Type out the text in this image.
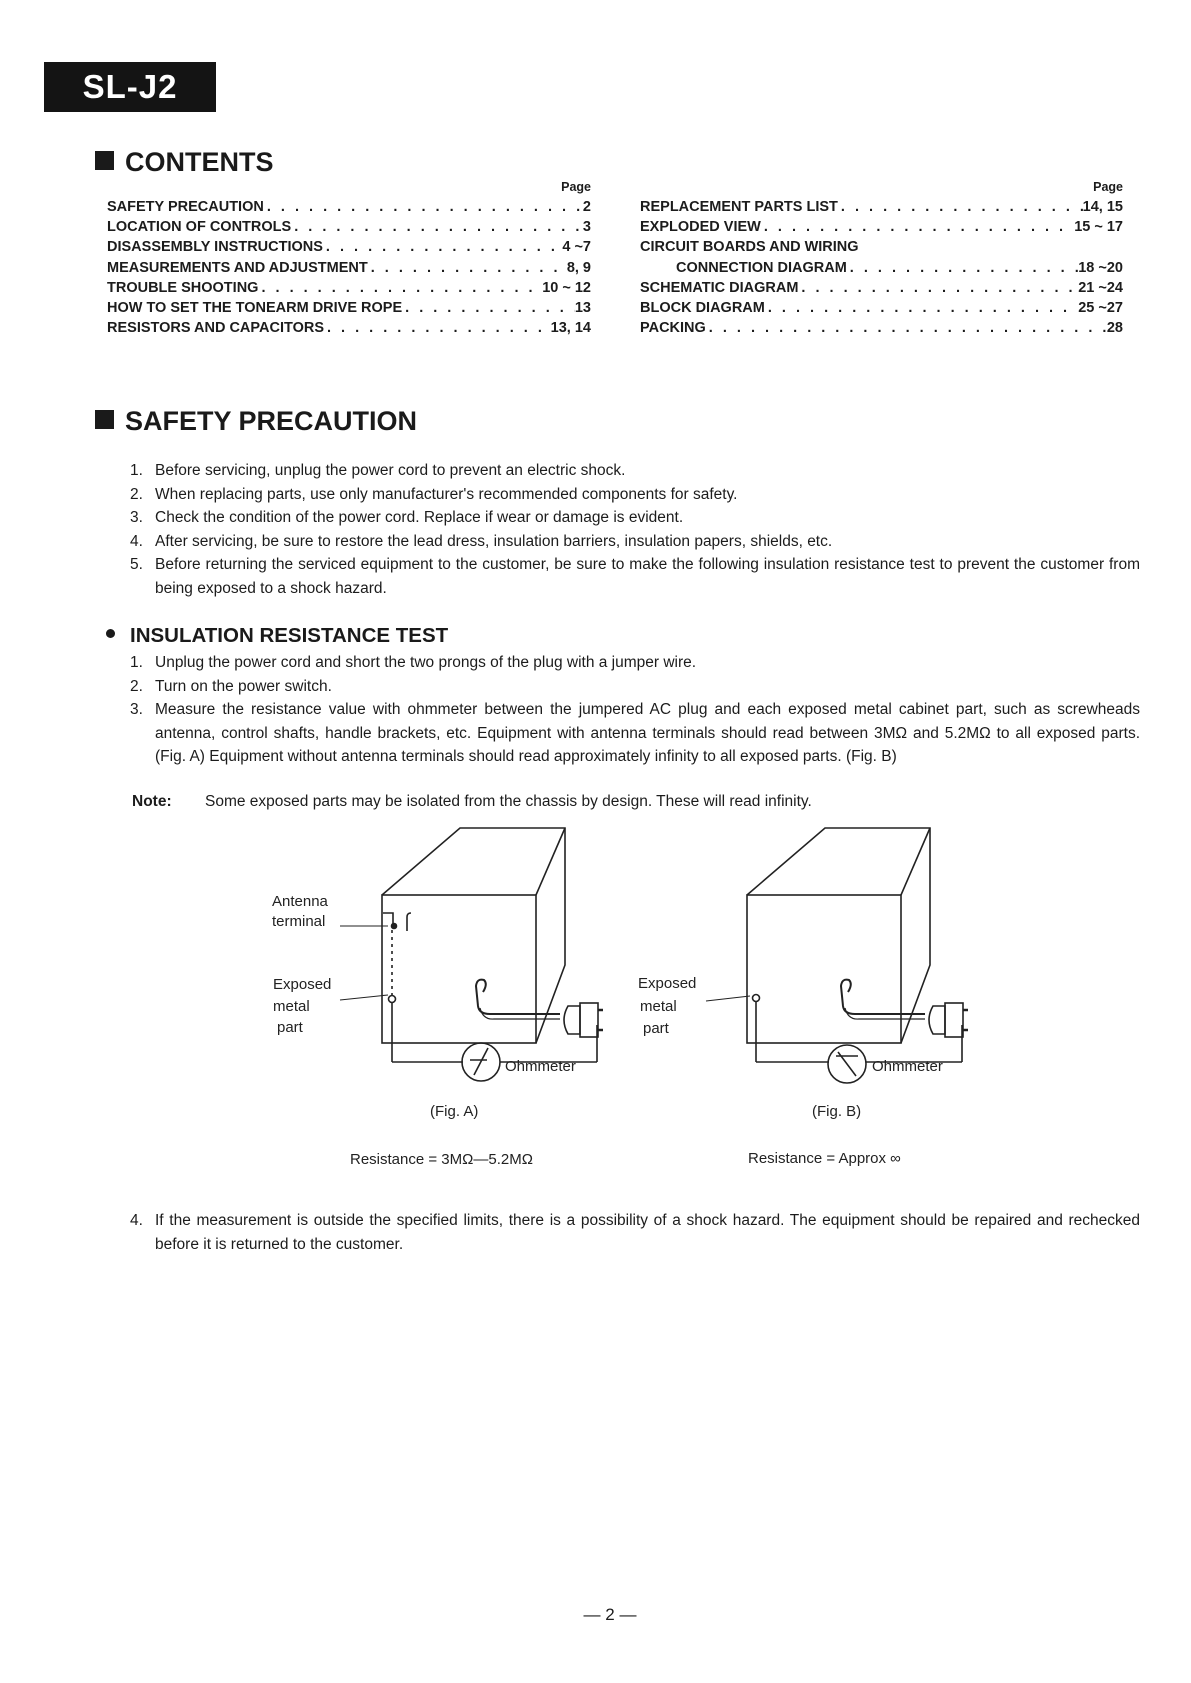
SL-J2
CONTENTS
Page
SAFETY PRECAUTION . . .	2
LOCATION OF CONTROLS . . .	3
DISASSEMBLY INSTRUCTIONS . . .	4 ~7
MEASUREMENTS AND ADJUSTMENT . . .	8, 9
TROUBLE SHOOTING . . .	10 ~ 12
HOW TO SET THE TONEARM DRIVE ROPE . . .	13
RESISTORS AND CAPACITORS . . .	13, 14
Page
REPLACEMENT PARTS LIST . . .	14, 15
EXPLODED VIEW . . .	15 ~ 17
CIRCUIT BOARDS AND WIRING
CONNECTION DIAGRAM . . .	18 ~20
SCHEMATIC DIAGRAM . . .	21 ~24
BLOCK DIAGRAM . . .	25 ~27
PACKING . . .	28
SAFETY PRECAUTION
1. Before servicing, unplug the power cord to prevent an electric shock.
2. When replacing parts, use only manufacturer's recommended components for safety.
3. Check the condition of the power cord. Replace if wear or damage is evident.
4. After servicing, be sure to restore the lead dress, insulation barriers, insulation papers, shields, etc.
5. Before returning the serviced equipment to the customer, be sure to make the following insulation resistance test to prevent the customer from being exposed to a shock hazard.
INSULATION RESISTANCE TEST
1. Unplug the power cord and short the two prongs of the plug with a jumper wire.
2. Turn on the power switch.
3. Measure the resistance value with ohmmeter between the jumpered AC plug and each exposed metal cabinet part, such as screwheads antenna, control shafts, handle brackets, etc. Equipment with antenna terminals should read between 3MΩ and 5.2MΩ to all exposed parts. (Fig. A) Equipment without antenna terminals should read approximately infinity to all exposed parts. (Fig. B)
Note: Some exposed parts may be isolated from the chassis by design. These will read infinity.
Antenna
terminal
Exposed
metal
part
Ohmmeter
(Fig. A)
Resistance = 3MΩ—5.2MΩ
Exposed
metal
part
Ohmmeter
(Fig. B)
Resistance = Approx ∞
4. If the measurement is outside the specified limits, there is a possibility of a shock hazard. The equipment should be repaired and rechecked before it is returned to the customer.
— 2 —
